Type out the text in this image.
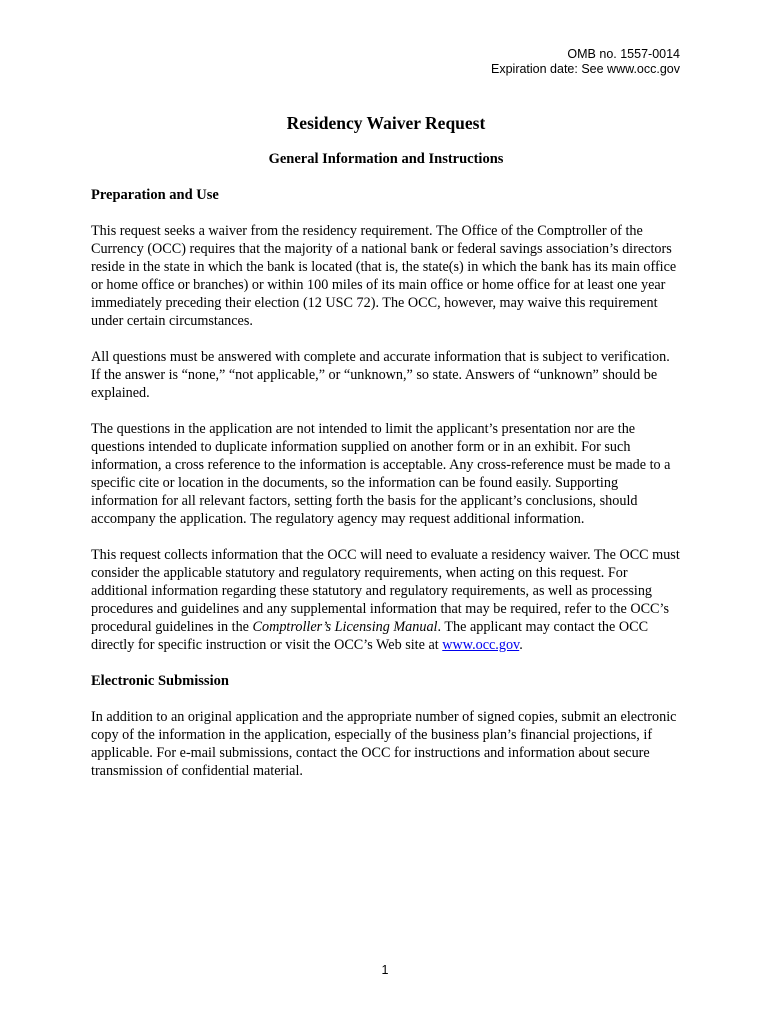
OMB no. 1557-0014
Expiration date: See www.occ.gov
Residency Waiver Request
General Information and Instructions
Preparation and Use

This request seeks a waiver from the residency requirement. The Office of the Comptroller of the Currency (OCC) requires that the majority of a national bank or federal savings association’s directors reside in the state in which the bank is located (that is, the state(s) in which the bank has its main office or home office or branches) or within 100 miles of its main office or home office for at least one year immediately preceding their election (12 USC 72). The OCC, however, may waive this requirement under certain circumstances.

All questions must be answered with complete and accurate information that is subject to verification. If the answer is “none,” “not applicable,” or “unknown,” so state. Answers of “unknown” should be explained.

The questions in the application are not intended to limit the applicant’s presentation nor are the questions intended to duplicate information supplied on another form or in an exhibit. For such information, a cross reference to the information is acceptable. Any cross-reference must be made to a specific cite or location in the documents, so the information can be found easily. Supporting information for all relevant factors, setting forth the basis for the applicant’s conclusions, should accompany the application. The regulatory agency may request additional information.

This request collects information that the OCC will need to evaluate a residency waiver. The OCC must consider the applicable statutory and regulatory requirements, when acting on this request. For additional information regarding these statutory and regulatory requirements, as well as processing procedures and guidelines and any supplemental information that may be required, refer to the OCC’s procedural guidelines in the Comptroller’s Licensing Manual. The applicant may contact the OCC directly for specific instruction or visit the OCC’s Web site at www.occ.gov.

Electronic Submission

In addition to an original application and the appropriate number of signed copies, submit an electronic copy of the information in the application, especially of the business plan’s financial projections, if applicable. For e-mail submissions, contact the OCC for instructions and information about secure transmission of confidential material.

1
